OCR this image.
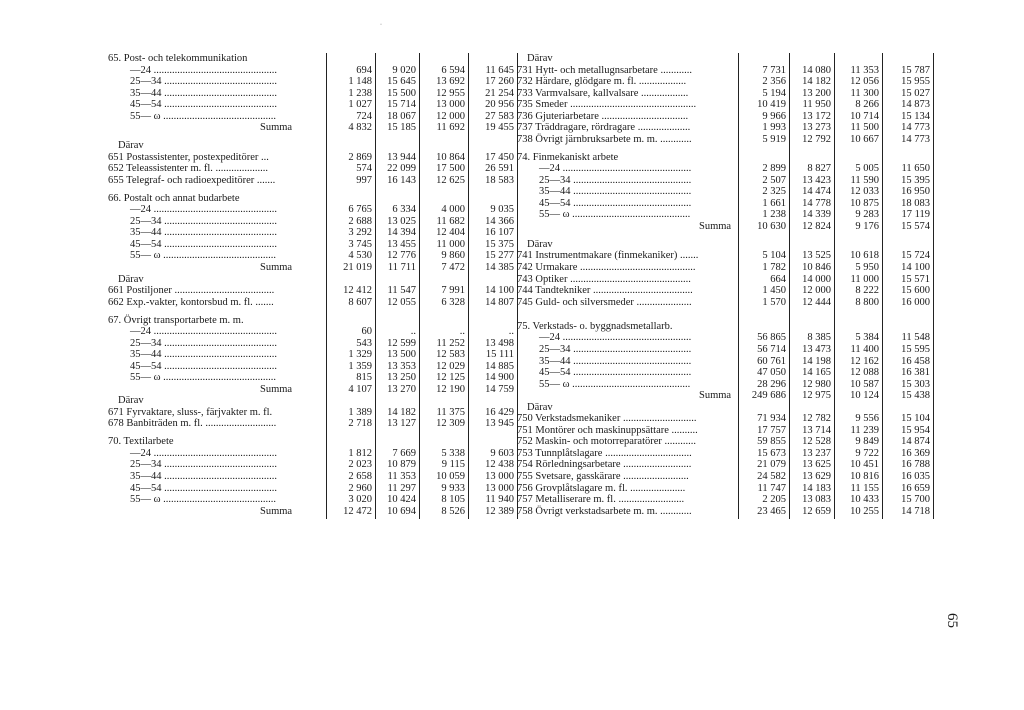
65. Post- och telekommunikation
—24 ...............................................	694	9 020	6 594	11 645
25—34 ...........................................	1 148	15 645	13 692	17 260
35—44 ...........................................	1 238	15 500	12 955	21 254
45—54 ...........................................	1 027	15 714	13 000	20 956
55— ω ...........................................	724	18 067	12 000	27 583
Summa	4 832	15 185	11 692	19 455
Därav
651 Postassistenter, postexpeditörer ...	2 869	13 944	10 864	17 450
652 Teleassistenter m. fl. ....................	574	22 099	17 500	26 591
655 Telegraf- och radioexpeditörer .......	997	16 143	12 625	18 583
66. Postalt och annat budarbete
—24 ...............................................	6 765	6 334	4 000	9 035
25—34 ...........................................	2 688	13 025	11 682	14 366
35—44 ...........................................	3 292	14 394	12 404	16 107
45—54 ...........................................	3 745	13 455	11 000	15 375
55— ω ...........................................	4 530	12 776	9 860	15 277
Summa	21 019	11 711	7 472	14 385
Därav
661 Postiljoner ......................................	12 412	11 547	7 991	14 100
662 Exp.-vakter, kontorsbud m. fl. .......	8 607	12 055	6 328	14 807
67. Övrigt transportarbete m. m.
—24 ...............................................	60	..	..	..
25—34 ...........................................	543	12 599	11 252	13 498
35—44 ...........................................	1 329	13 500	12 583	15 111
45—54 ...........................................	1 359	13 353	12 029	14 885
55— ω ...........................................	815	13 250	12 125	14 900
Summa	4 107	13 270	12 190	14 759
Därav
671 Fyrvaktare, sluss-, färjvakter m. fl.	1 389	14 182	11 375	16 429
678 Banbiträden m. fl. ...........................	2 718	13 127	12 309	13 945
70. Textilarbete
—24 ...............................................	1 812	7 669	5 338	9 603
25—34 ...........................................	2 023	10 879	9 115	12 438
35—44 ...........................................	2 658	11 353	10 059	13 000
45—54 ...........................................	2 960	11 297	9 933	13 000
55— ω ...........................................	3 020	10 424	8 105	11 940
Summa	12 472	10 694	8 526	12 389
Därav
731 Hytt- och metallugnsarbetare ............	7 731	14 080	11 353	15 787
732 Härdare, glödgare m. fl. ..................	2 356	14 182	12 056	15 955
733 Varmvalsare, kallvalsare ..................	5 194	13 200	11 300	15 027
735 Smeder ................................................	10 419	11 950	8 266	14 873
736 Gjuteriarbetare .................................	9 966	13 172	10 714	15 134
737 Träddragare, rördragare ....................	1 993	13 273	11 500	14 773
738 Övrigt järnbruksarbete m. m. ............	5 919	12 792	10 667	14 773
74. Finmekaniskt arbete
—24 .................................................	2 899	8 827	5 005	11 650
25—34 .............................................	2 507	13 423	11 590	15 395
35—44 .............................................	2 325	14 474	12 033	16 950
45—54 .............................................	1 661	14 778	10 875	18 083
55— ω .............................................	1 238	14 339	9 283	17 119
Summa	10 630	12 824	9 176	15 574
Därav
741 Instrumentmakare (finmekaniker) .......	5 104	13 525	10 618	15 724
742 Urmakare ............................................	1 782	10 846	5 950	14 100
743 Optiker ..............................................	664	14 000	11 000	15 571
744 Tandtekniker ......................................	1 450	12 000	8 222	15 600
745 Guld- och silversmeder .....................	1 570	12 444	8 800	16 000
75. Verkstads- o. byggnadsmetallarb.
—24 .................................................	56 865	8 385	5 384	11 548
25—34 .............................................	56 714	13 473	11 400	15 595
35—44 .............................................	60 761	14 198	12 162	16 458
45—54 .............................................	47 050	14 165	12 088	16 381
55— ω .............................................	28 296	12 980	10 587	15 303
Summa	249 686	12 975	10 124	15 438
Därav
750 Verkstadsmekaniker ............................	71 934	12 782	9 556	15 104
751 Montörer och maskinuppsättare ..........	17 757	13 714	11 239	15 954
752 Maskin- och motorreparatörer ............	59 855	12 528	9 849	14 874
753 Tunnplåtslagare .................................	15 673	13 237	9 722	16 369
754 Rörledningsarbetare ..........................	21 079	13 625	10 451	16 788
755 Svetsare, gasskärare .........................	24 582	13 629	10 816	16 035
756 Grovplåtslagare m. fl. .....................	11 747	14 183	11 155	16 659
757 Metalliserare m. fl. .........................	2 205	13 083	10 433	15 700
758 Övrigt verkstadsarbete m. m. ............	23 465	12 659	10 255	14 718
·
65
